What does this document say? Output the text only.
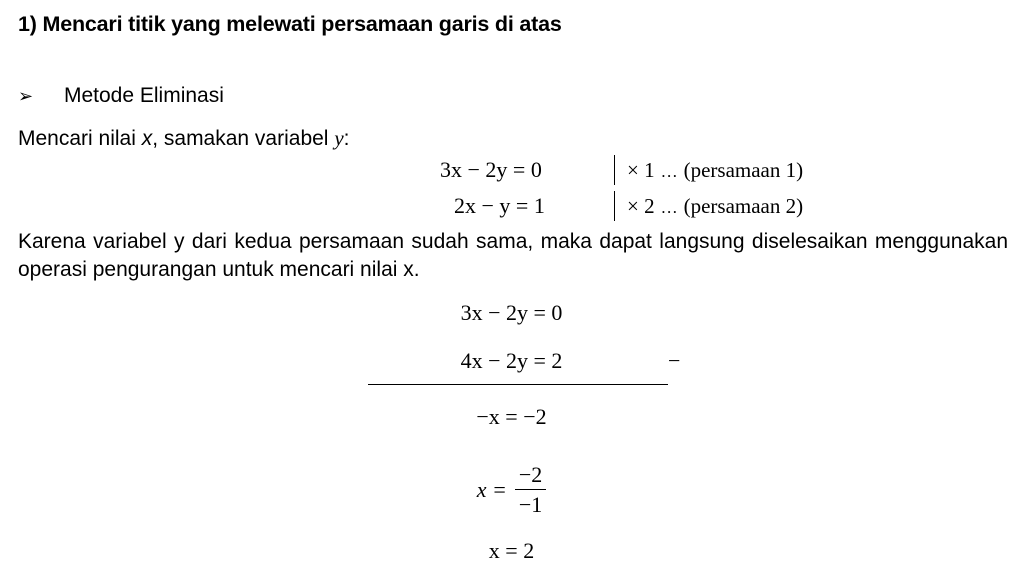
1) Mencari titik yang melewati persamaan garis di atas
➢	Metode Eliminasi
Mencari nilai x, samakan variabel y:
3x − 2y = 0	× 1 … (persamaan 1)
2x − y = 1	× 2 … (persamaan 2)
Karena variabel y dari kedua persamaan sudah sama, maka dapat langsung diselesaikan menggunakan operasi pengurangan untuk mencari nilai x.
3x − 2y = 0
4x − 2y = 2	−
−x = −2
$x = \frac{-2}{-1}$
x = 2
